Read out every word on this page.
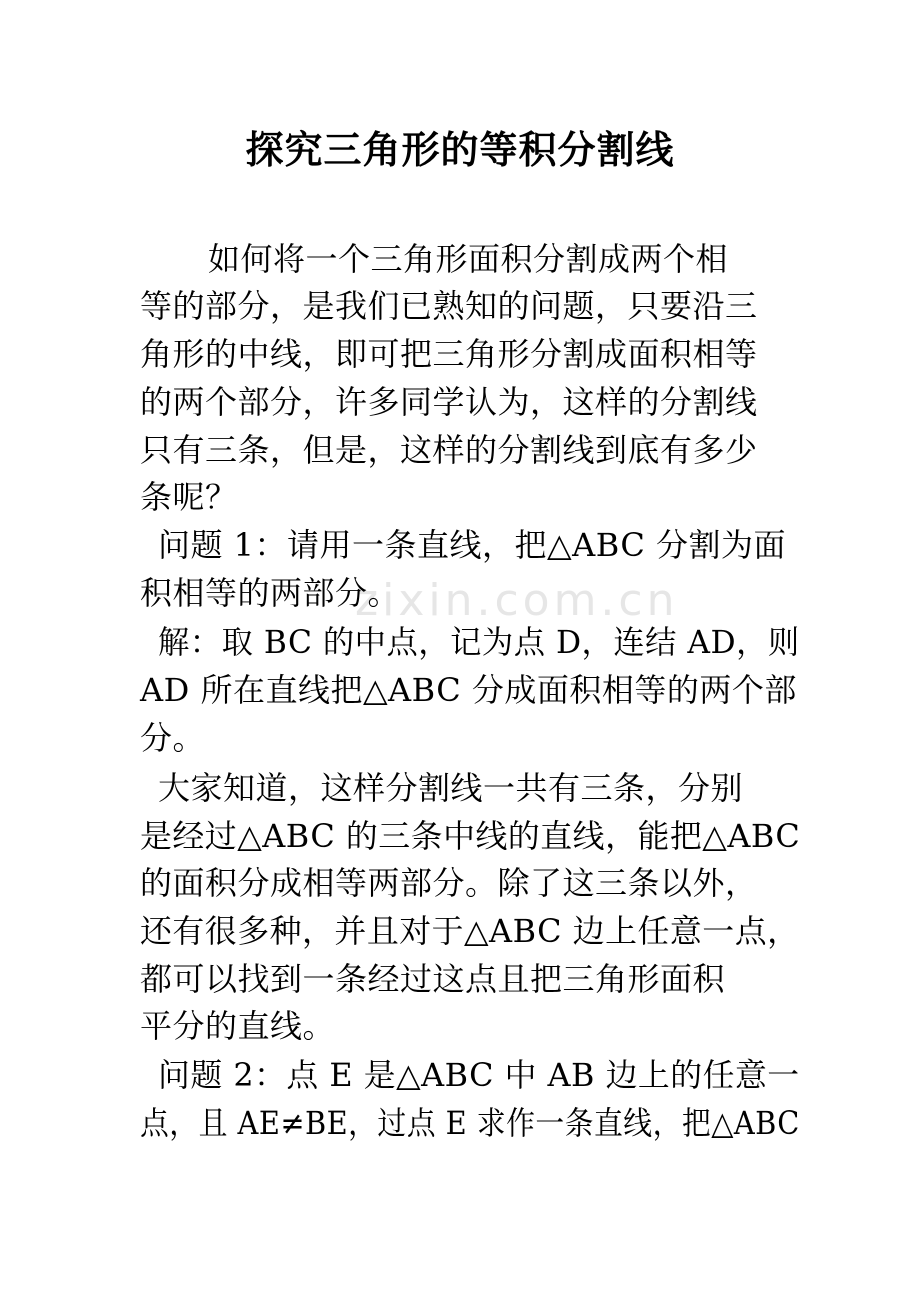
zixin.com.cn
探究三角形的等积分割线
如何将一个三角形面积分割成两个相
等的部分，是我们已熟知的问题，只要沿三
角形的中线，即可把三角形分割成面积相等
的两个部分，许多同学认为，这样的分割线
只有三条，但是，这样的分割线到底有多少
条呢？
问题 1：请用一条直线，把△ABC 分割为面
积相等的两部分。
解：取 BC 的中点，记为点 D，连结 AD，则
AD 所在直线把△ABC 分成面积相等的两个部
分。
大家知道，这样分割线一共有三条，分别
是经过△ABC 的三条中线的直线，能把△ABC
的面积分成相等两部分。除了这三条以外，
还有很多种，并且对于△ABC 边上任意一点，
都可以找到一条经过这点且把三角形面积
平分的直线。
问题 2：点 E 是△ABC 中 AB 边上的任意一
点，且 AE≠BE，过点 E 求作一条直线，把△ABC
